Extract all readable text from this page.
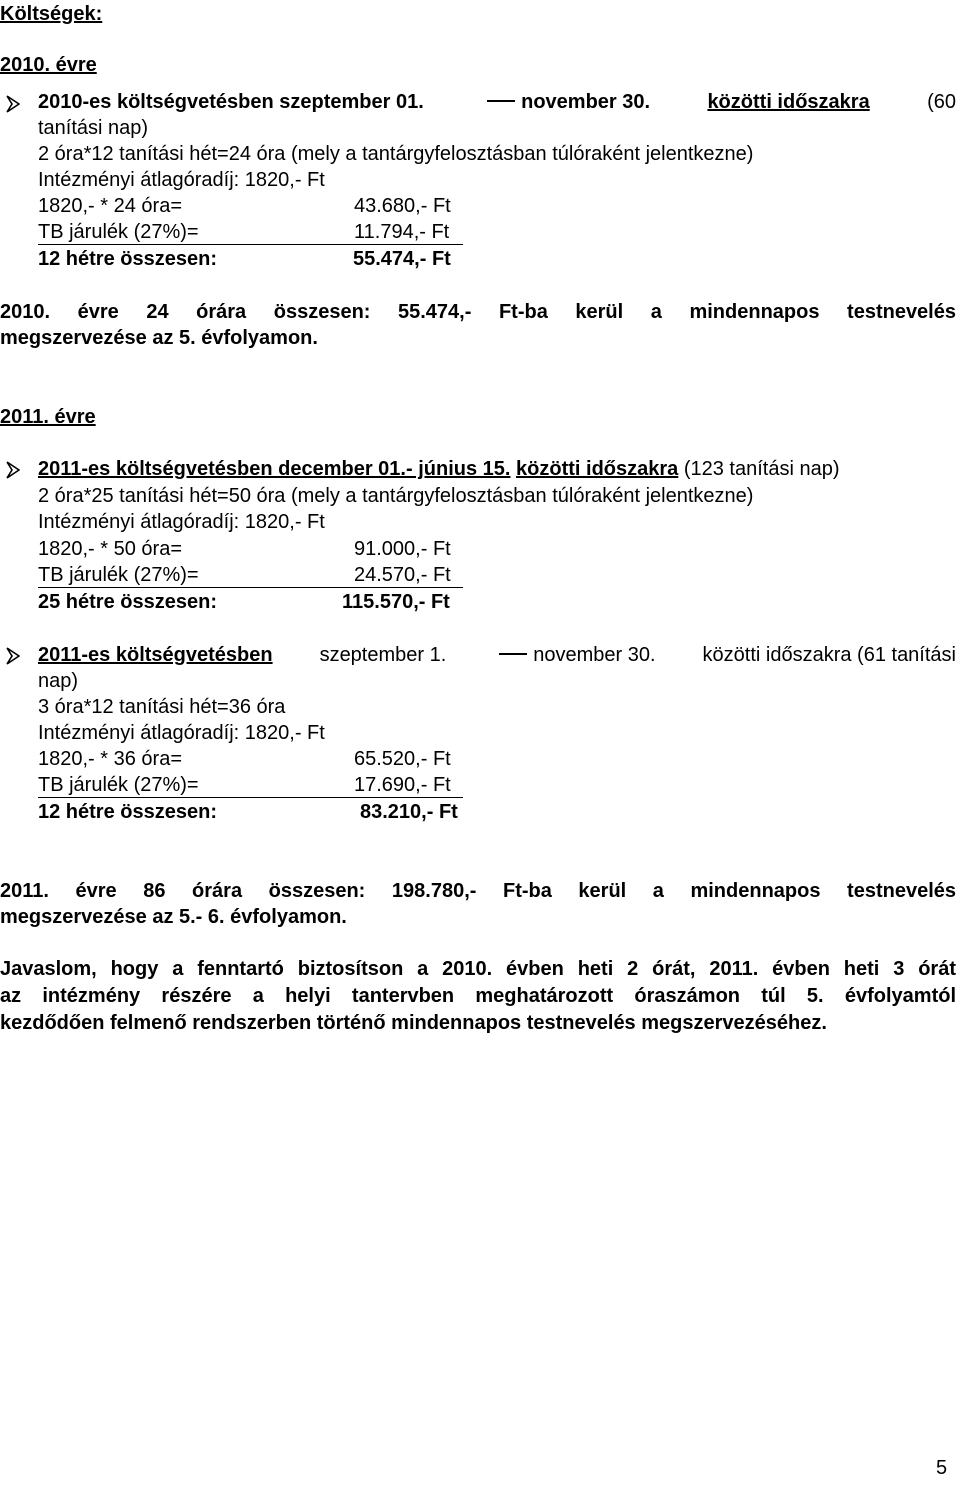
Költségek:
2010. évre
2010-es költségvetésben szeptember 01.	november 30.	közötti időszakra	(60
tanítási nap)
2 óra*12 tanítási hét=24 óra (mely a tantárgyfelosztásban túlóraként jelentkezne)
Intézményi átlagóradíj: 1820,- Ft
1820,- * 24 óra=	43.680,- Ft
TB járulék (27%)=	11.794,- Ft
12 hétre összesen:	55.474,- Ft
2010. évre 24 órára összesen: 55.474,- Ft-ba kerül a mindennapos testnevelés
megszervezése az 5. évfolyamon.
2011. évre
2011-es költségvetésben december 01.- június 15. közötti időszakra (123 tanítási nap)
2 óra*25 tanítási hét=50 óra (mely a tantárgyfelosztásban túlóraként jelentkezne)
Intézményi átlagóradíj: 1820,- Ft
1820,- * 50 óra=	91.000,- Ft
TB járulék (27%)=	24.570,- Ft
25 hétre összesen:	115.570,- Ft
2011-es költségvetésben szeptember 1.	november 30. közötti időszakra (61 tanítási
nap)
3 óra*12 tanítási hét=36 óra
Intézményi átlagóradíj: 1820,- Ft
1820,- * 36 óra=	65.520,- Ft
TB járulék (27%)=	17.690,- Ft
12 hétre összesen:	83.210,- Ft
2011. évre 86 órára összesen: 198.780,- Ft-ba kerül a mindennapos testnevelés
megszervezése az 5.- 6. évfolyamon.
Javaslom, hogy a fenntartó biztosítson a 2010. évben heti 2 órát, 2011. évben heti 3 órát
az intézmény részére a helyi tantervben meghatározott óraszámon túl 5. évfolyamtól
kezdődően felmenő rendszerben történő mindennapos testnevelés megszervezéséhez.
5
